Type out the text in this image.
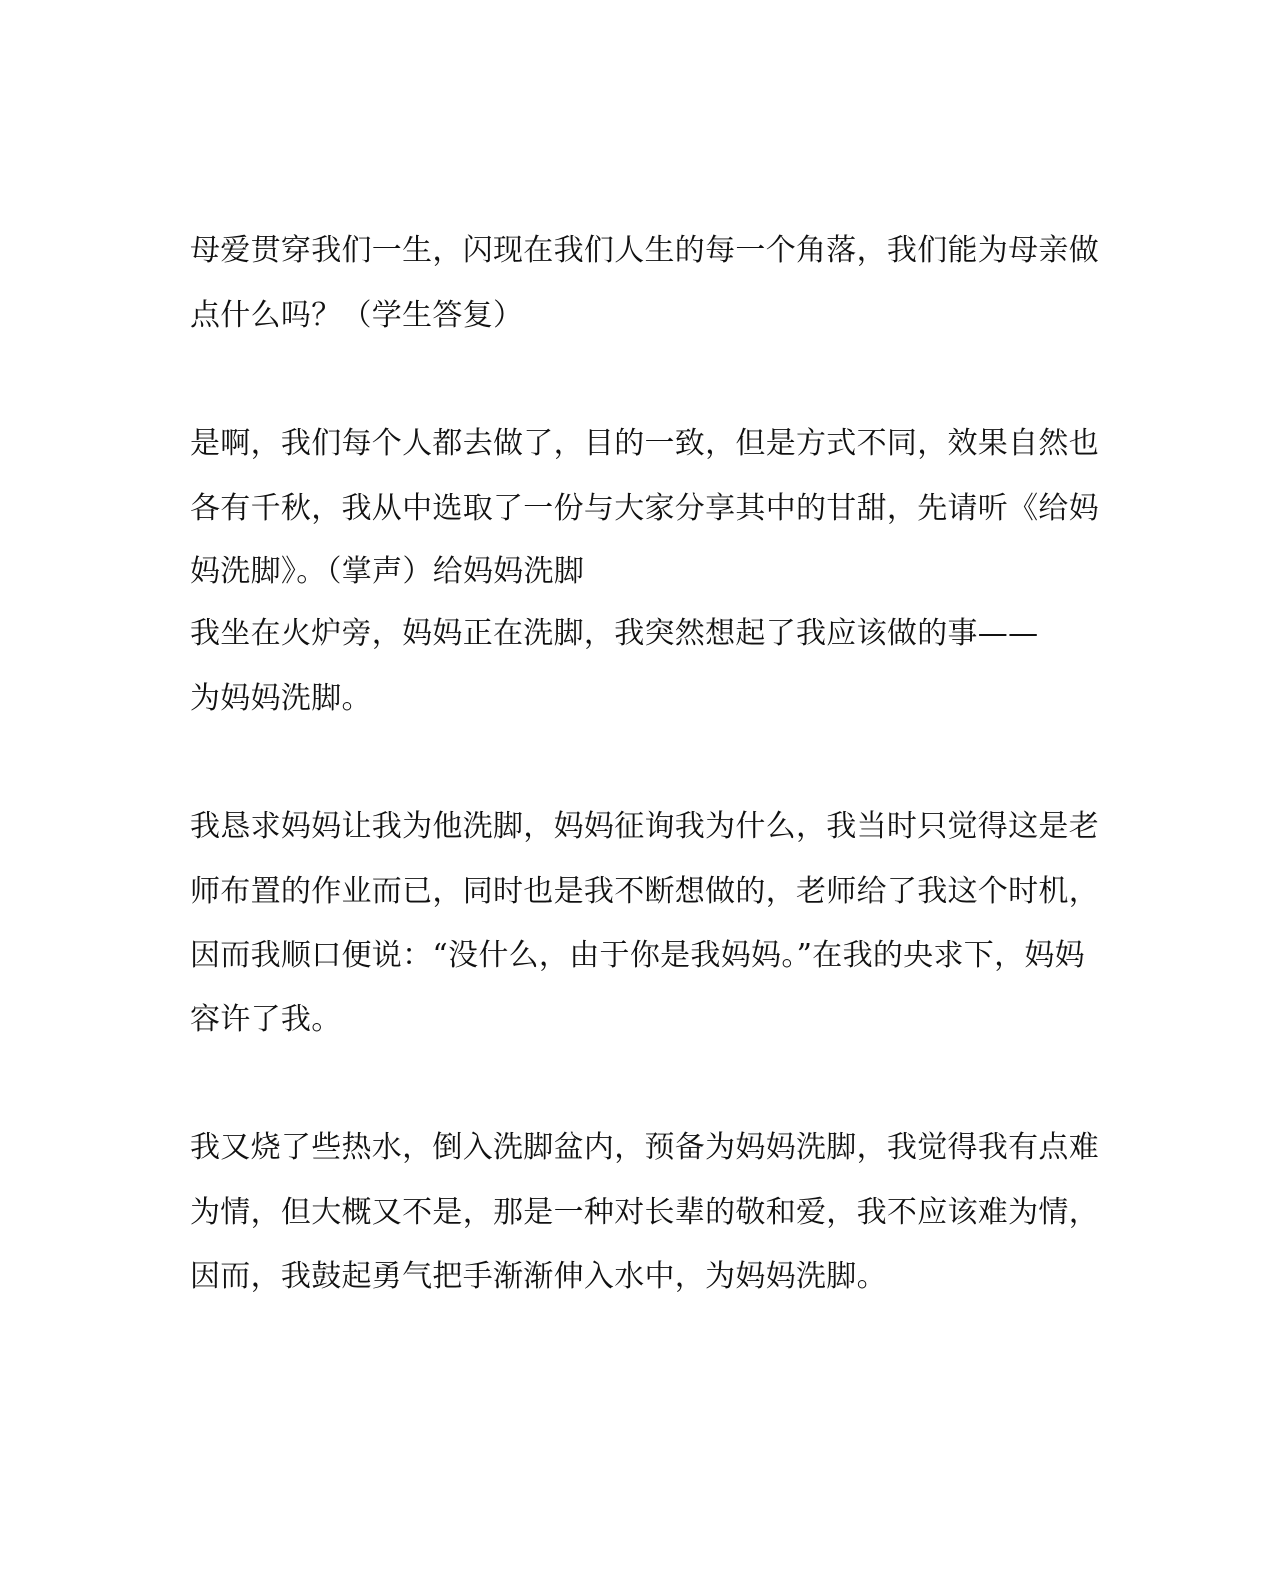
母爱贯穿我们一生，闪现在我们人生的每一个角落，我们能为母亲做

点什么吗？（学生答复）

是啊，我们每个人都去做了，目的一致，但是方式不同，效果自然也

各有千秋，我从中选取了一份与大家分享其中的甘甜，先请听《给妈

妈洗脚》。（掌声）给妈妈洗脚

我坐在火炉旁，妈妈正在洗脚，我突然想起了我应该做的事——

为妈妈洗脚。

我恳求妈妈让我为他洗脚，妈妈征询我为什么，我当时只觉得这是老

师布置的作业而已，同时也是我不断想做的，老师给了我这个时机，

因而我顺口便说：“没什么，由于你是我妈妈。”在我的央求下，妈妈

容许了我。

我又烧了些热水，倒入洗脚盆内，预备为妈妈洗脚，我觉得我有点难

为情，但大概又不是，那是一种对长辈的敬和爱，我不应该难为情，

因而，我鼓起勇气把手渐渐伸入水中，为妈妈洗脚。
